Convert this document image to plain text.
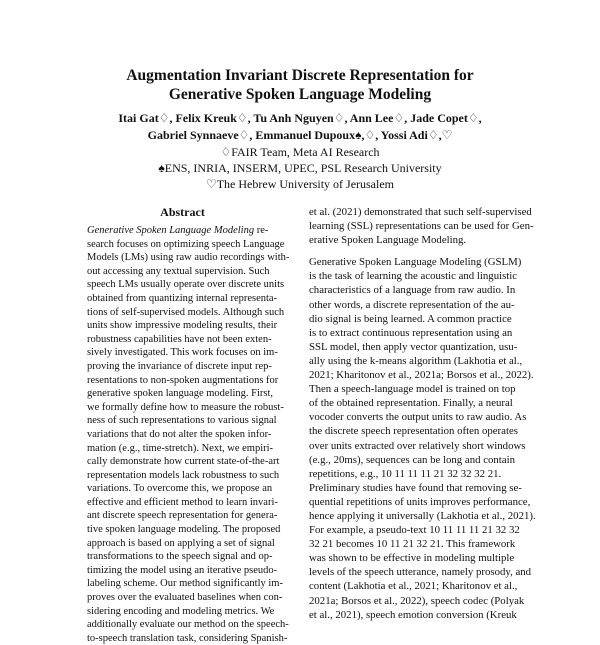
Augmentation Invariant Discrete Representation for
Generative Spoken Language Modeling
Itai Gat♢, Felix Kreuk♢, Tu Anh Nguyen♢, Ann Lee♢, Jade Copet♢,
Gabriel Synnaeve♢, Emmanuel Dupoux♠,♢, Yossi Adi♢,♡
♢FAIR Team, Meta AI Research
♠ENS, INRIA, INSERM, UPEC, PSL Research University
♡The Hebrew University of Jerusalem
Abstract
Generative Spoken Language Modeling re-
search focuses on optimizing speech Language
Models (LMs) using raw audio recordings with-
out accessing any textual supervision. Such
speech LMs usually operate over discrete units
obtained from quantizing internal representa-
tions of self-supervised models. Although such
units show impressive modeling results, their
robustness capabilities have not been exten-
sively investigated. This work focuses on im-
proving the invariance of discrete input rep-
resentations to non-spoken augmentations for
generative spoken language modeling. First,
we formally define how to measure the robust-
ness of such representations to various signal
variations that do not alter the spoken infor-
mation (e.g., time-stretch). Next, we empiri-
cally demonstrate how current state-of-the-art
representation models lack robustness to such
variations. To overcome this, we propose an
effective and efficient method to learn invari-
ant discrete speech representation for genera-
tive spoken language modeling. The proposed
approach is based on applying a set of signal
transformations to the speech signal and op-
timizing the model using an iterative pseudo-
labeling scheme. Our method significantly im-
proves over the evaluated baselines when con-
sidering encoding and modeling metrics. We
additionally evaluate our method on the speech-
to-speech translation task, considering Spanish-
et al. (2021) demonstrated that such self-supervised
learning (SSL) representations can be used for Gen-
erative Spoken Language Modeling.
Generative Spoken Language Modeling (GSLM)
is the task of learning the acoustic and linguistic
characteristics of a language from raw audio. In
other words, a discrete representation of the au-
dio signal is being learned. A common practice
is to extract continuous representation using an
SSL model, then apply vector quantization, usu-
ally using the k-means algorithm (Lakhotia et al.,
2021; Kharitonov et al., 2021a; Borsos et al., 2022).
Then a speech-language model is trained on top
of the obtained representation. Finally, a neural
vocoder converts the output units to raw audio. As
the discrete speech representation often operates
over units extracted over relatively short windows
(e.g., 20ms), sequences can be long and contain
repetitions, e.g., 10 11 11 11 21 32 32 32 21.
Preliminary studies have found that removing se-
quential repetitions of units improves performance,
hence applying it universally (Lakhotia et al., 2021).
For example, a pseudo-text 10 11 11 11 21 32 32
32 21 becomes 10 11 21 32 21. This framework
was shown to be effective in modeling multiple
levels of the speech utterance, namely prosody, and
content (Lakhotia et al., 2021; Kharitonov et al.,
2021a; Borsos et al., 2022), speech codec (Polyak
et al., 2021), speech emotion conversion (Kreuk
